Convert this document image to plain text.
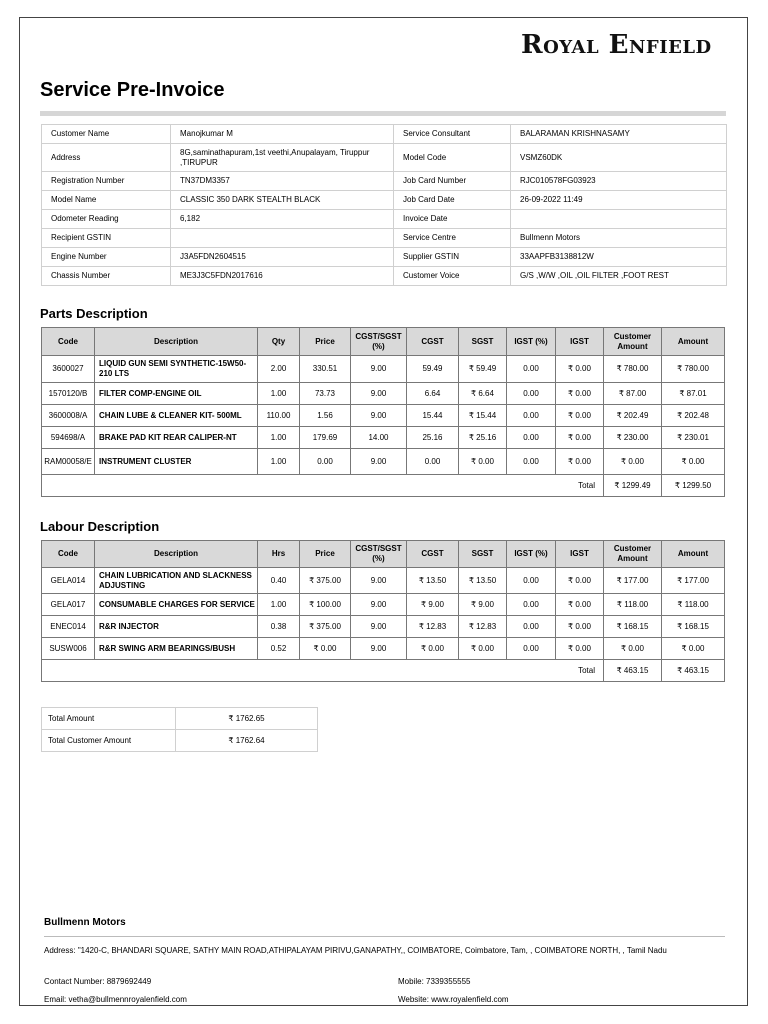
Royal Enfield
Service Pre-Invoice
Customer Name	Manojkumar M	Service Consultant	BALARAMAN KRISHNASAMY
Address	8G,saminathapuram,1st veethi,Anupalayam, Tiruppur ,TIRUPUR	Model Code	VSMZ60DK
Registration Number	TN37DM3357	Job Card Number	RJC010578FG03923
Model Name	CLASSIC 350 DARK STEALTH BLACK	Job Card Date	26-09-2022 11:49
Odometer Reading	6,182	Invoice Date	
Recipient GSTIN		Service Centre	Bullmenn Motors
Engine Number	J3A5FDN2604515	Supplier GSTIN	33AAPFB3138812W
Chassis Number	ME3J3C5FDN2017616	Customer Voice	G/S ,W/W ,OIL ,OIL FILTER ,FOOT REST
Parts Description
Code	Description	Qty	Price	CGST/SGST (%)	CGST	SGST	IGST (%)	IGST	Customer Amount	Amount
3600027	LIQUID GUN SEMI SYNTHETIC-15W50-210 LTS	2.00	330.51	9.00	59.49	₹ 59.49	0.00	₹ 0.00	₹ 780.00	₹ 780.00
1570120/B	FILTER COMP-ENGINE OIL	1.00	73.73	9.00	6.64	₹ 6.64	0.00	₹ 0.00	₹ 87.00	₹ 87.01
3600008/A	CHAIN LUBE & CLEANER KIT- 500ML	110.00	1.56	9.00	15.44	₹ 15.44	0.00	₹ 0.00	₹ 202.49	₹ 202.48
594698/A	BRAKE PAD KIT REAR CALIPER-NT	1.00	179.69	14.00	25.16	₹ 25.16	0.00	₹ 0.00	₹ 230.00	₹ 230.01
RAM00058/E	INSTRUMENT CLUSTER	1.00	0.00	9.00	0.00	₹ 0.00	0.00	₹ 0.00	₹ 0.00	₹ 0.00
Total									₹ 1299.49	₹ 1299.50
Labour Description
Code	Description	Hrs	Price	CGST/SGST (%)	CGST	SGST	IGST (%)	IGST	Customer Amount	Amount
GELA014	CHAIN LUBRICATION AND SLACKNESS ADJUSTING	0.40	₹ 375.00	9.00	₹ 13.50	₹ 13.50	0.00	₹ 0.00	₹ 177.00	₹ 177.00
GELA017	CONSUMABLE CHARGES FOR SERVICE	1.00	₹ 100.00	9.00	₹ 9.00	₹ 9.00	0.00	₹ 0.00	₹ 118.00	₹ 118.00
ENEC014	R&R INJECTOR	0.38	₹ 375.00	9.00	₹ 12.83	₹ 12.83	0.00	₹ 0.00	₹ 168.15	₹ 168.15
SUSW006	R&R SWING ARM BEARINGS/BUSH	0.52	₹ 0.00	9.00	₹ 0.00	₹ 0.00	0.00	₹ 0.00	₹ 0.00	₹ 0.00
Total									₹ 463.15	₹ 463.15
Total Amount	₹ 1762.65
Total Customer Amount	₹ 1762.64
Bullmenn Motors
Address: "1420-C, BHANDARI SQUARE, SATHY MAIN ROAD,ATHIPALAYAM PIRIVU,GANAPATHY,, COIMBATORE, Coimbatore, Tam, , COIMBATORE NORTH, , Tamil Nadu
Contact Number: 8879692449	Mobile: 7339355555
Email: vetha@bullmennroyalenfield.com	Website: www.royalenfield.com
